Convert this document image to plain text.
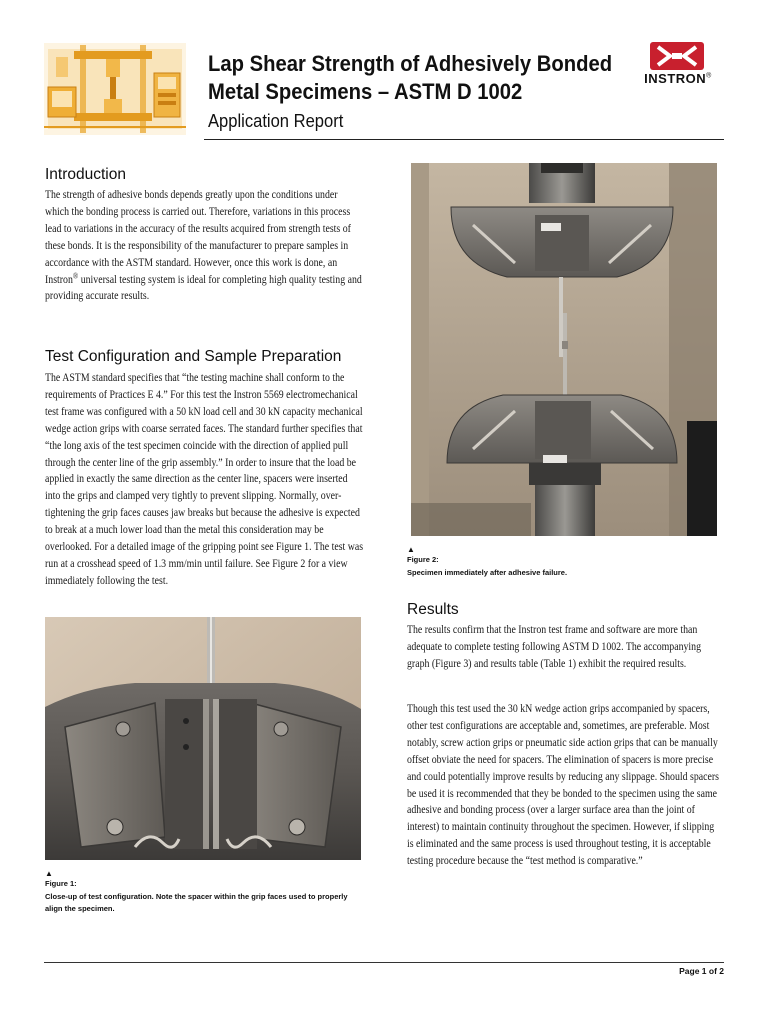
Lap Shear Strength of Adhesively Bonded
Metal Specimens – ASTM D 1002
Application Report
INSTRON®
Introduction
The strength of adhesive bonds depends greatly upon the conditions under which the bonding process is carried out. Therefore, variations in this process lead to variations in the accuracy of the results acquired from strength tests of these bonds. It is the responsibility of the manufacturer to prepare samples in accordance with the ASTM standard. However, once this work is done, an Instron® universal testing system is ideal for completing high quality testing and providing accurate results.
Test Configuration and Sample Preparation
The ASTM standard specifies that “the testing machine shall conform to the requirements of Practices E 4.” For this test the Instron 5569 electromechanical test frame was configured with a 50 kN load cell and 30 kN capacity mechanical wedge action grips with coarse serrated faces. The standard further specifies that “the long axis of the test specimen coincide with the direction of applied pull through the center line of the grip assembly.” In order to insure that the load be applied in exactly the same direction as the center line, spacers were inserted into the grips and clamped very tightly to prevent slipping. Normally, over-tightening the grip faces causes jaw breaks but because the adhesive is expected to break at a much lower load than the metal this consideration may be overlooked. For a detailed image of the gripping point see Figure 1. The test was run at a crosshead speed of 1.3 mm/min until failure. See Figure 2 for a view immediately following the test.
▲
Figure 1:
Close-up of test configuration. Note the spacer within the grip faces used to properly align the specimen.
▲
Figure 2:
Specimen immediately after adhesive failure.
Results
The results confirm that the Instron test frame and software are more than adequate to complete testing following ASTM D 1002. The accompanying graph (Figure 3) and results table (Table 1) exhibit the required results.
Though this test used the 30 kN wedge action grips accompanied by spacers, other test configurations are acceptable and, sometimes, are preferable. Most notably, screw action grips or pneumatic side action grips that can be manually offset obviate the need for spacers. The elimination of spacers is more precise and could potentially improve results by reducing any slippage. Should spacers be used it is recommended that they be bonded to the specimen using the same adhesive and bonding process (over a larger surface area than the joint of interest) to maintain continuity throughout the specimen. However, if slipping is eliminated and the same process is used throughout testing, it is acceptable testing procedure because the “test method is comparative.”
Page 1 of 2
